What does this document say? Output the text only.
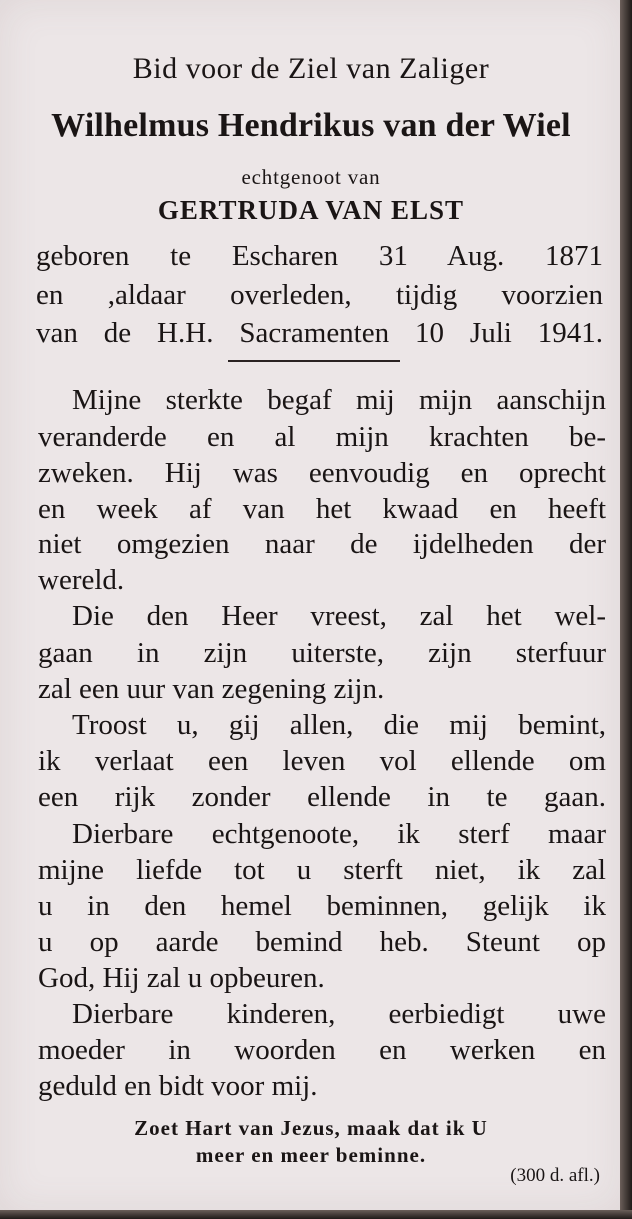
Bid voor de Ziel van Zaliger

Wilhelmus Hendrikus van der Wiel

echtgenoot van

GERTRUDA VAN ELST

geboren te Escharen 31 Aug. 1871

en ,aldaar overleden, tijdig voorzien

van de H.H. Sacramenten 10 Juli 1941.

Mijne sterkte begaf mij mijn aanschijn

veranderde en al mijn krachten be-

zweken. Hij was eenvoudig en oprecht

en week af van het kwaad en heeft

niet omgezien naar de ijdelheden der

wereld.

Die den Heer vreest, zal het wel-

gaan in zijn uiterste, zijn sterfuur

zal een uur van zegening zijn.

Troost u, gij allen, die mij bemint,

ik verlaat een leven vol ellende om

een rijk zonder ellende in te gaan.

Dierbare echtgenoote, ik sterf maar

mijne liefde tot u sterft niet, ik zal

u in den hemel beminnen, gelijk ik

u op aarde bemind heb. Steunt op

God, Hij zal u opbeuren.

Dierbare kinderen, eerbiedigt uwe

moeder in woorden en werken en

geduld en bidt voor mij.

Zoet Hart van Jezus, maak dat ik U

meer en meer beminne.

(300 d. afl.)
